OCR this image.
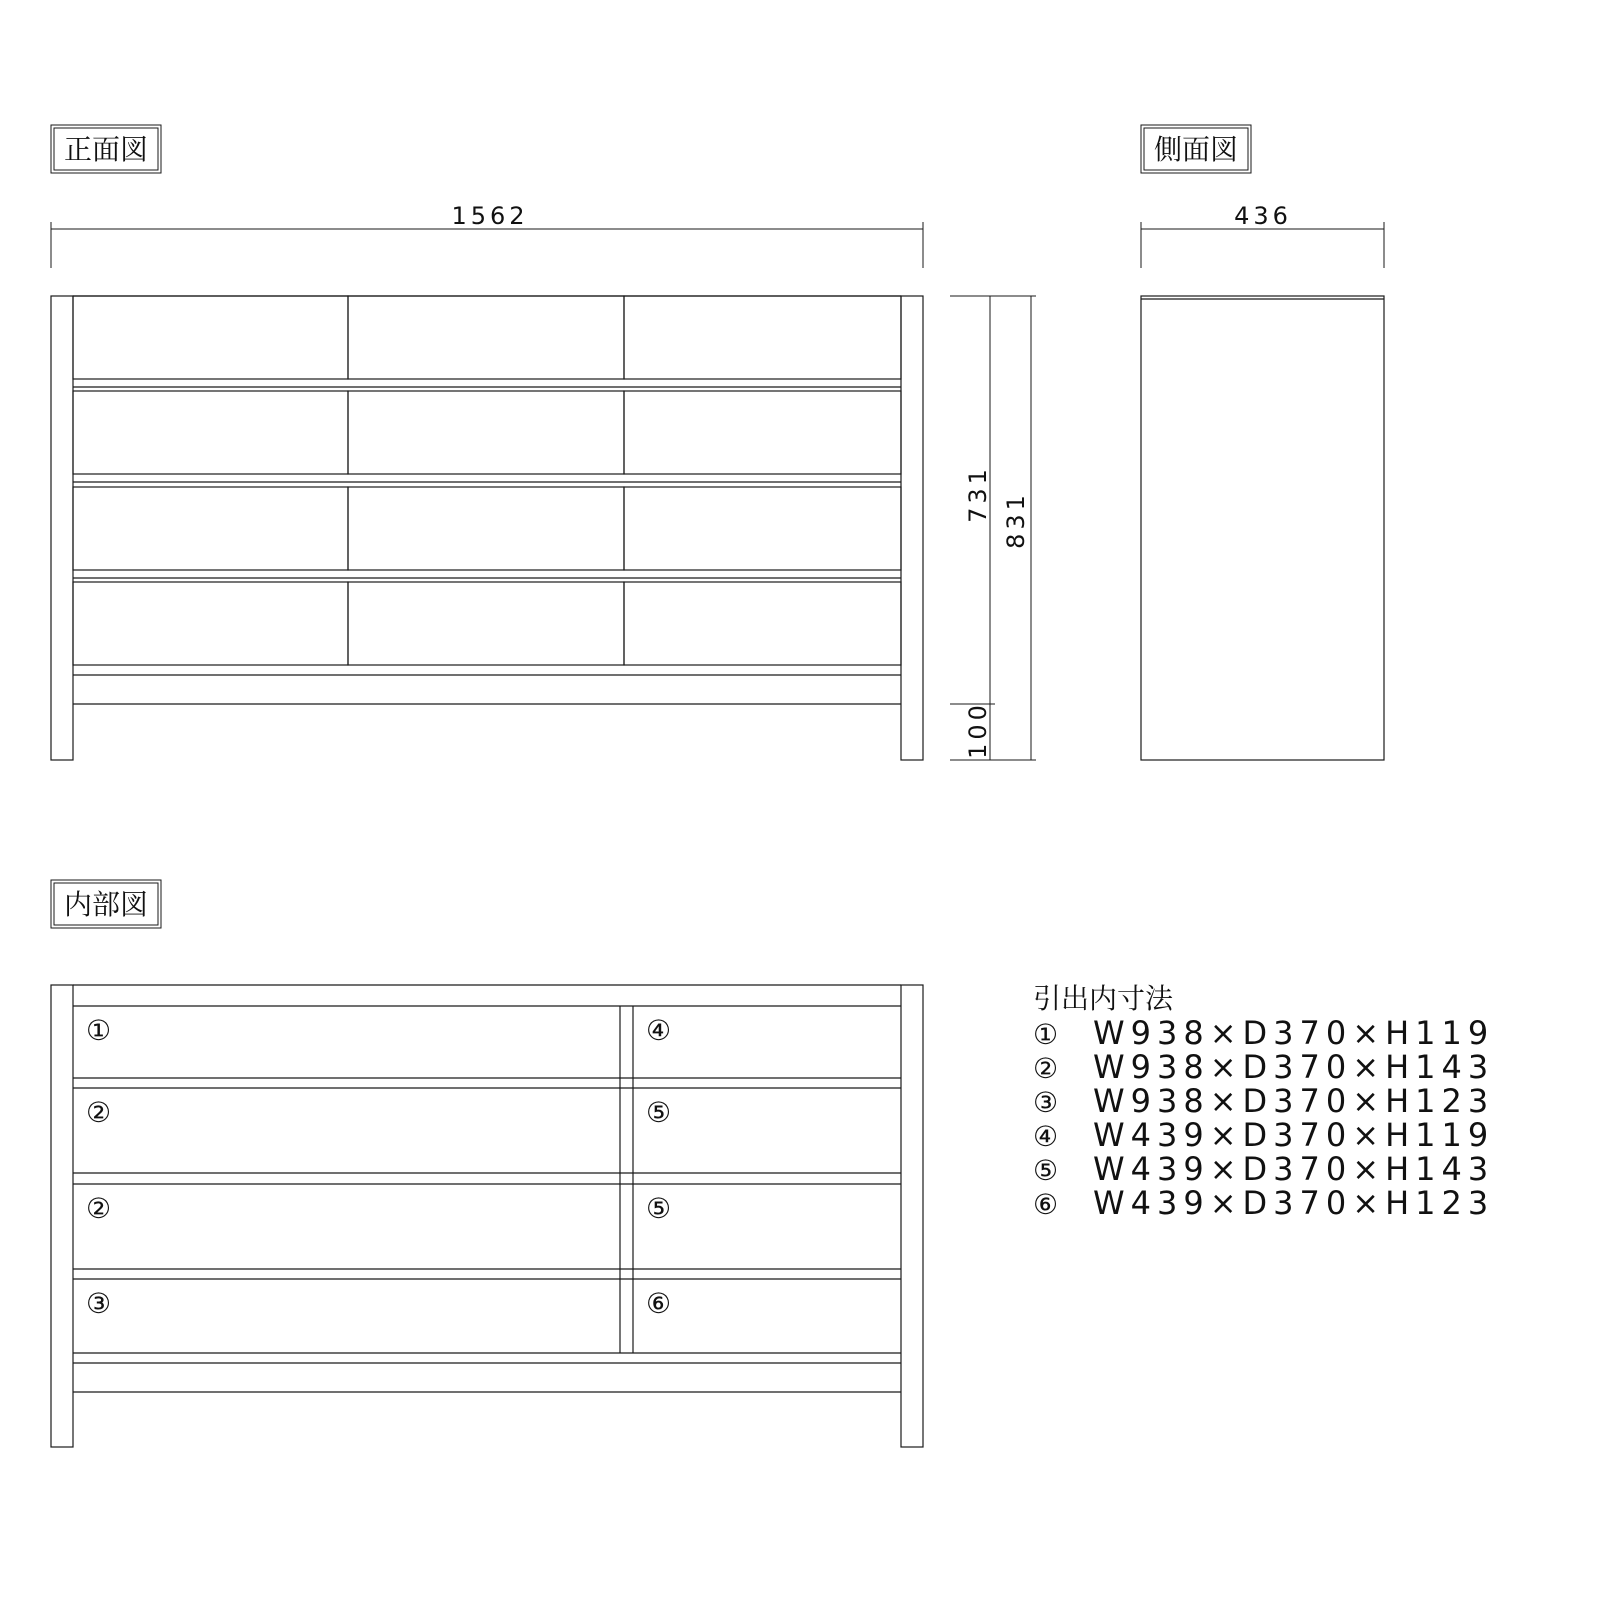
正面図	側面図
内部図
1562
731 831
100
436
①
②
②
③
④
⑤
⑤
⑥
引出内寸法
① W938×D370×H119
② W938×D370×H143
③ W938×D370×H123
④ W439×D370×H119
⑤ W439×D370×H143
⑥ W439×D370×H123
